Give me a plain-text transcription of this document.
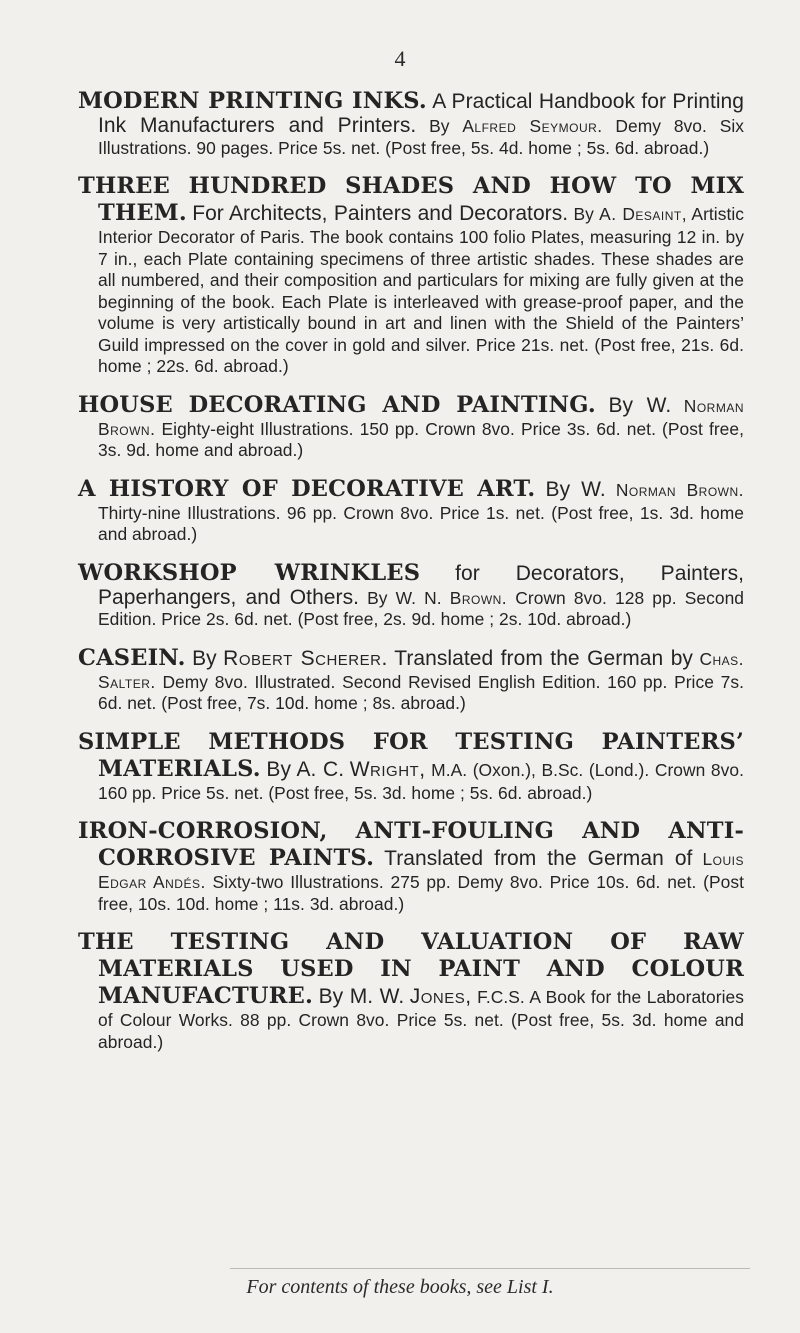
4

MODERN PRINTING INKS. A Practical Handbook for Printing Ink Manufacturers and Printers. By Alfred Seymour. Demy 8vo. Six Illustrations. 90 pages. Price 5s. net. (Post free, 5s. 4d. home ; 5s. 6d. abroad.)

THREE HUNDRED SHADES AND HOW TO MIX THEM. For Architects, Painters and Decorators. By A. Desaint, Artistic Interior Decorator of Paris. The book contains 100 folio Plates, measuring 12 in. by 7 in., each Plate containing specimens of three artistic shades. These shades are all numbered, and their composition and particulars for mixing are fully given at the beginning of the book. Each Plate is interleaved with grease-proof paper, and the volume is very artistically bound in art and linen with the Shield of the Painters’ Guild impressed on the cover in gold and silver. Price 21s. net. (Post free, 21s. 6d. home ; 22s. 6d. abroad.)

HOUSE DECORATING AND PAINTING. By W. Norman Brown. Eighty-eight Illustrations. 150 pp. Crown 8vo. Price 3s. 6d. net. (Post free, 3s. 9d. home and abroad.)

A HISTORY OF DECORATIVE ART. By W. Norman Brown. Thirty-nine Illustrations. 96 pp. Crown 8vo. Price 1s. net. (Post free, 1s. 3d. home and abroad.)

WORKSHOP WRINKLES for Decorators, Painters, Paperhangers, and Others. By W. N. Brown. Crown 8vo. 128 pp. Second Edition. Price 2s. 6d. net. (Post free, 2s. 9d. home ; 2s. 10d. abroad.)

CASEIN. By Robert Scherer. Translated from the German by Chas. Salter. Demy 8vo. Illustrated. Second Revised English Edition. 160 pp. Price 7s. 6d. net. (Post free, 7s. 10d. home ; 8s. abroad.)

SIMPLE METHODS FOR TESTING PAINTERS’ MATERIALS. By A. C. Wright, M.A. (Oxon.), B.Sc. (Lond.). Crown 8vo. 160 pp. Price 5s. net. (Post free, 5s. 3d. home ; 5s. 6d. abroad.)

IRON-CORROSION, ANTI-FOULING AND ANTI-CORROSIVE PAINTS. Translated from the German of Louis Edgar Andés. Sixty-two Illustrations. 275 pp. Demy 8vo. Price 10s. 6d. net. (Post free, 10s. 10d. home ; 11s. 3d. abroad.)

THE TESTING AND VALUATION OF RAW MATERIALS USED IN PAINT AND COLOUR MANUFACTURE. By M. W. Jones, F.C.S. A Book for the Laboratories of Colour Works. 88 pp. Crown 8vo. Price 5s. net. (Post free, 5s. 3d. home and abroad.)

For contents of these books, see List I.
